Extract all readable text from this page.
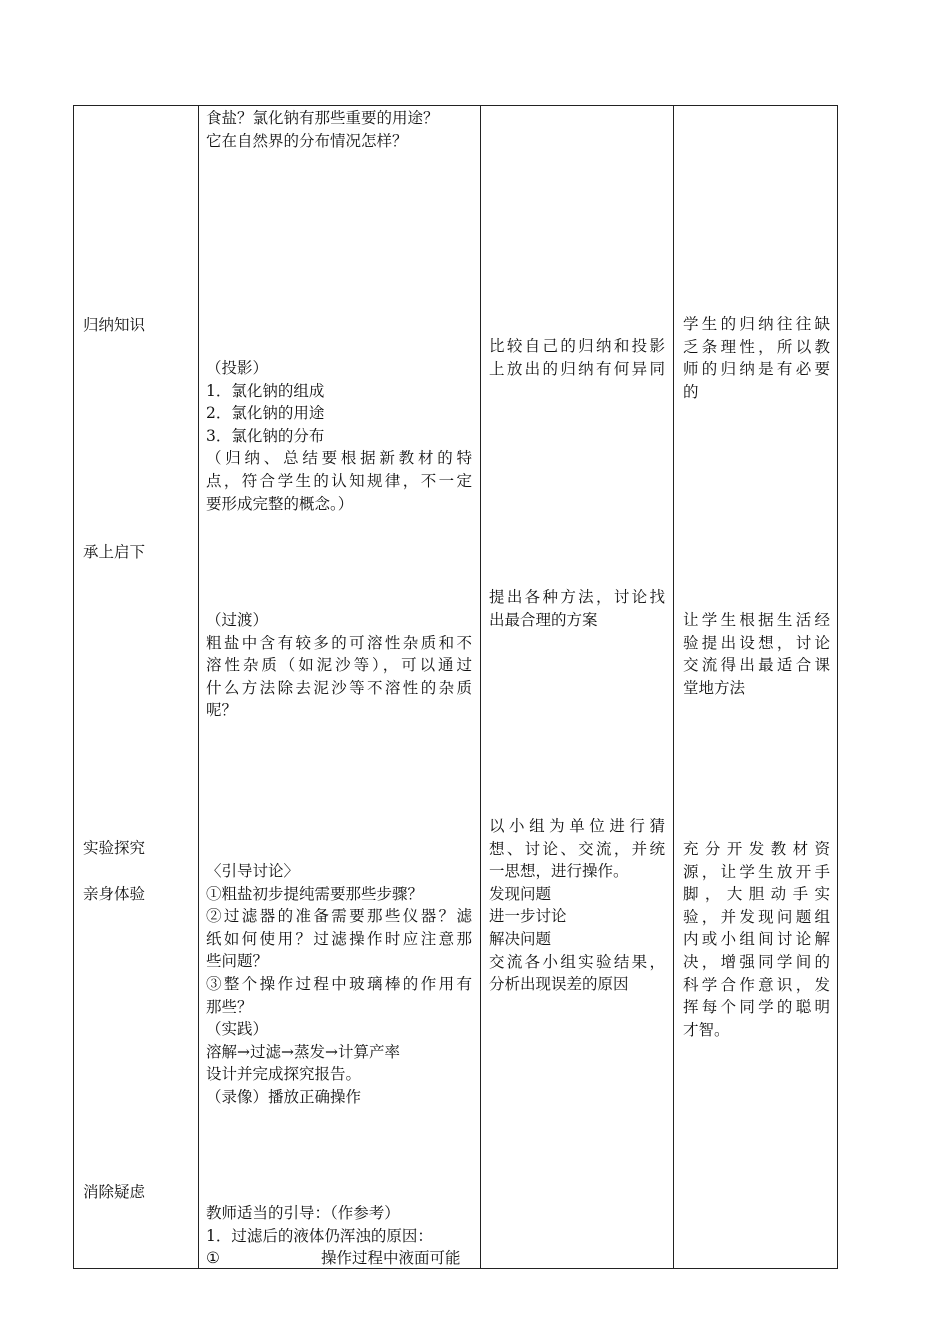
归纳知识
承上启下
实验探究
亲身体验
消除疑虑
食盐？氯化钠有那些重要的用途？
它在自然界的分布情况怎样？
（投影）
1．氯化钠的组成
2．氯化钠的用途
3．氯化钠的分布
（归纳、总结要根据新教材的特
点，符合学生的认知规律，不一定
要形成完整的概念。）
（过渡）
粗盐中含有较多的可溶性杂质和不
溶性杂质（如泥沙等），可以通过
什么方法除去泥沙等不溶性的杂质
呢？
〈引导讨论〉
①粗盐初步提纯需要那些步骤？
②过滤器的准备需要那些仪器？滤
纸如何使用？过滤操作时应注意那
些问题？
③整个操作过程中玻璃棒的作用有
那些？
（实践）
溶解→过滤→蒸发→计算产率
设计并完成探究报告。
（录像）播放正确操作
教师适当的引导：（作参考）
1．过滤后的液体仍浑浊的原因：
①	操作过程中液面可能
比较自己的归纳和投影
上放出的归纳有何异同
提出各种方法，讨论找
出最合理的方案
以小组为单位进行猜
想、讨论、交流，并统
一思想，进行操作。
发现问题
进一步讨论
解决问题
交流各小组实验结果，
分析出现误差的原因
学生的归纳往往缺
乏条理性，所以教
师的归纳是有必要
的
让学生根据生活经
验提出设想，讨论
交流得出最适合课
堂地方法
充分开发教材资
源，让学生放开手
脚，大胆动手实
验，并发现问题组
内或小组间讨论解
决，增强同学间的
科学合作意识，发
挥每个同学的聪明
才智。
